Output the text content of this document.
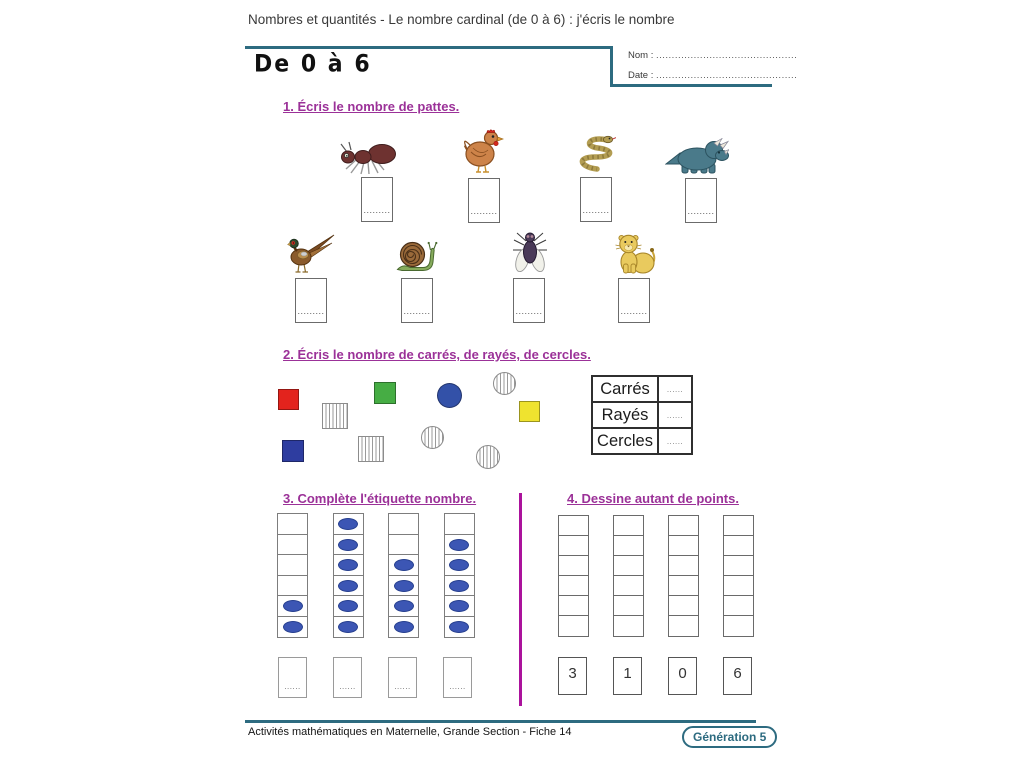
Nombres et quantités - Le nombre cardinal (de 0 à 6) : j'écris le nombre
De 0 à 6	Nom : .............................................
Date : .............................................
1. Écris le nombre de pattes.
.........	.........	.........	.........
.........	.........	.........	.........
2. Écris le nombre de carrés, de rayés, de cercles.
Carrés	......
Rayés	......
Cercles	......
3. Complète l'étiquette nombre.
......	......	......	......
4. Dessine autant de points.
3	1	0	6
Activités mathématiques en Maternelle, Grande Section - Fiche 14	Génération 5
